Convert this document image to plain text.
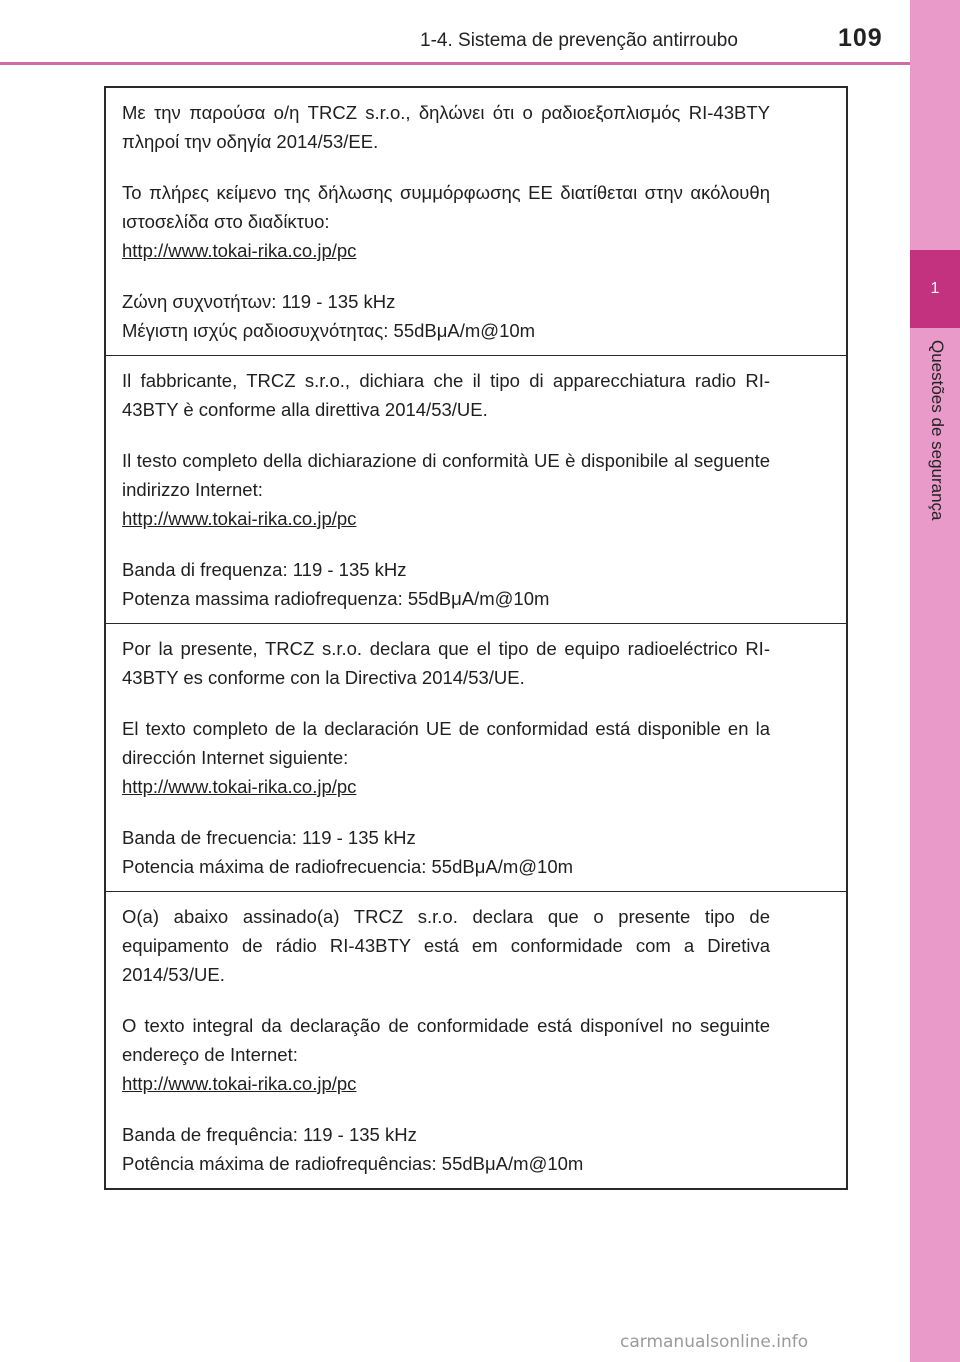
1-4. Sistema de prevenção antirroubo	109
1
Questões de segurança

Με την παρούσα ο/η TRCZ s.r.o., δηλώνει ότι ο ραδιοεξοπλισμός RI-43BTY πληροί την οδηγία 2014/53/ΕΕ.

Το πλήρες κείμενο της δήλωσης συμμόρφωσης ΕΕ διατίθεται στην ακόλουθη ιστοσελίδα στο διαδίκτυο:

http://www.tokai-rika.co.jp/pc

Ζώνη συχνοτήτων: 119 - 135 kHz

Μέγιστη ισχύς ραδιοσυχνότητας: 55dBμA/m@10m

Il fabbricante, TRCZ s.r.o., dichiara che il tipo di apparecchiatura radio RI-43BTY è conforme alla direttiva 2014/53/UE.

Il testo completo della dichiarazione di conformità UE è disponibile al seguente indirizzo Internet:

http://www.tokai-rika.co.jp/pc

Banda di frequenza: 119 - 135 kHz

Potenza massima radiofrequenza: 55dBμA/m@10m

Por la presente, TRCZ s.r.o. declara que el tipo de equipo radioeléctrico RI-43BTY es conforme con la Directiva 2014/53/UE.

El texto completo de la declaración UE de conformidad está disponible en la dirección Internet siguiente:

http://www.tokai-rika.co.jp/pc

Banda de frecuencia: 119 - 135 kHz

Potencia máxima de radiofrecuencia: 55dBμA/m@10m

O(a) abaixo assinado(a) TRCZ s.r.o. declara que o presente tipo de equipamento de rádio RI-43BTY está em conformidade com a Diretiva 2014/53/UE.

O texto integral da declaração de conformidade está disponível no seguinte endereço de Internet:

http://www.tokai-rika.co.jp/pc

Banda de frequência: 119 - 135 kHz

Potência máxima de radiofrequências: 55dBμA/m@10m

carmanualsonline.info
